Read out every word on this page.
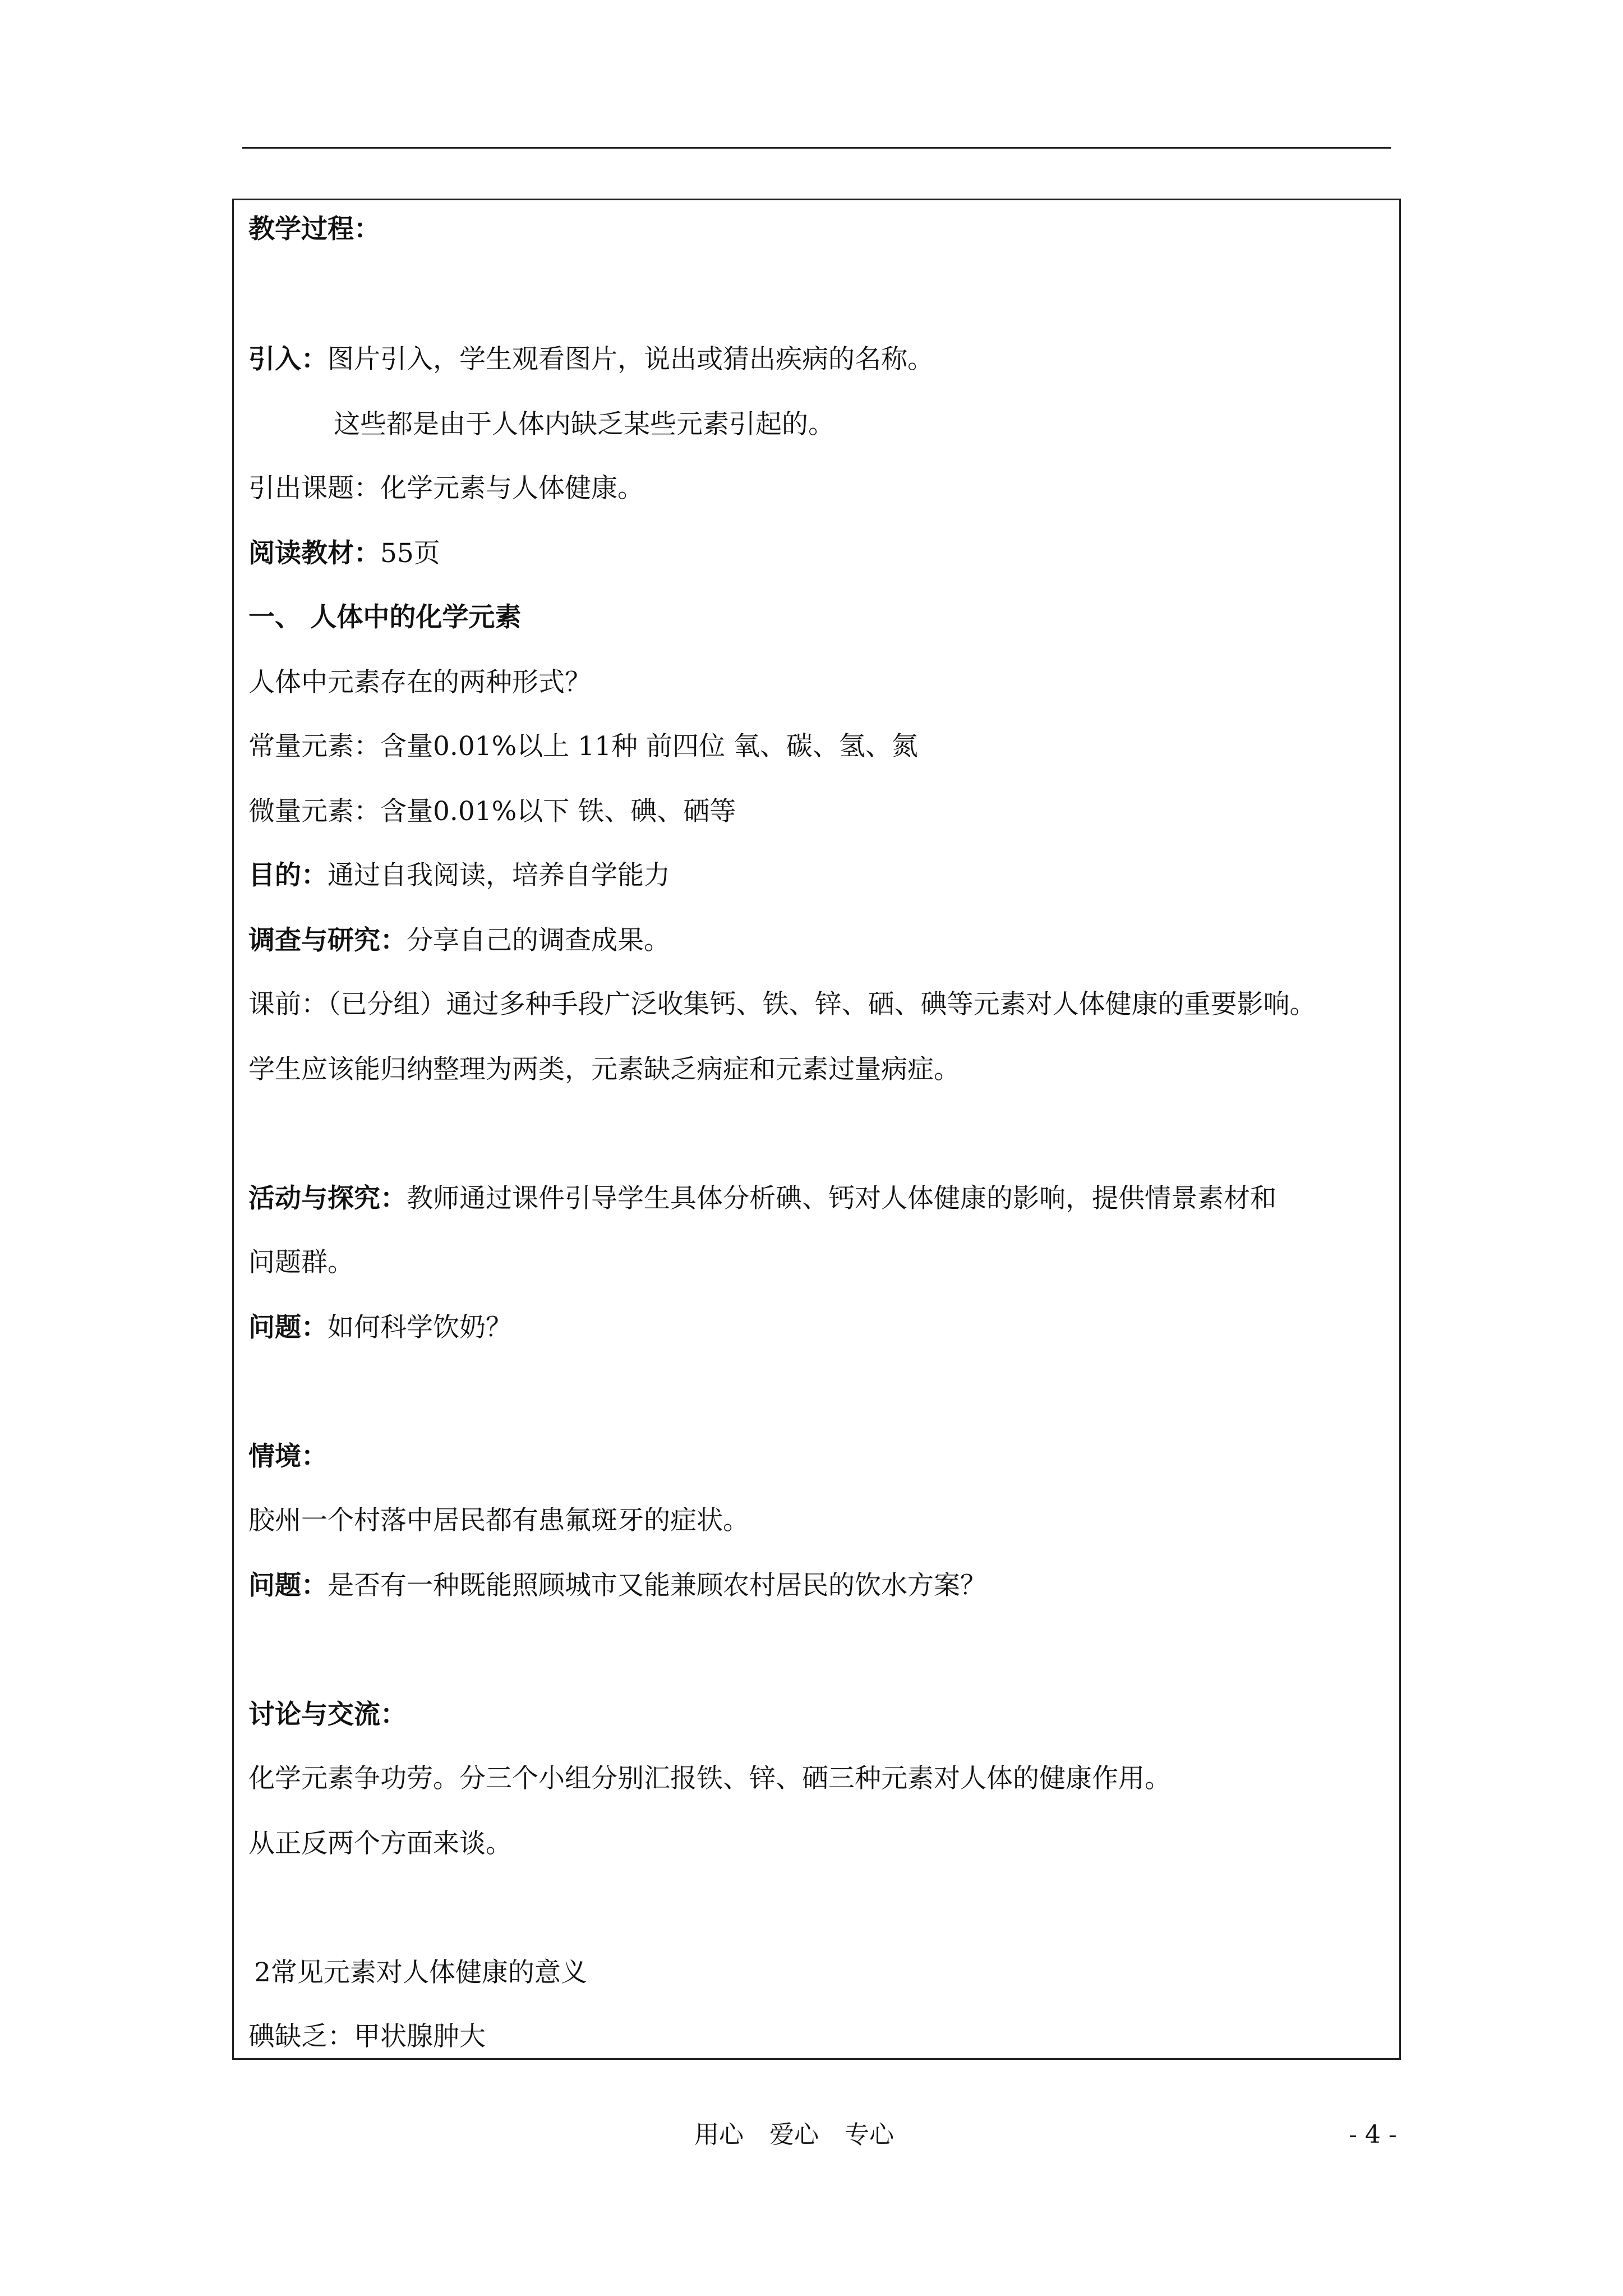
教学过程：
引入：图片引入，学生观看图片，说出或猜出疾病的名称。
这些都是由于人体内缺乏某些元素引起的。
引出课题：化学元素与人体健康。
阅读教材：55页
一、 人体中的化学元素
人体中元素存在的两种形式？
常量元素：含量0.01%以上 11种 前四位 氧、碳、氢、氮
微量元素：含量0.01%以下 铁、碘、硒等
目的：通过自我阅读，培养自学能力
调查与研究：分享自己的调查成果。
课前：（已分组）通过多种手段广泛收集钙、铁、锌、硒、碘等元素对人体健康的重要影响。
学生应该能归纳整理为两类，元素缺乏病症和元素过量病症。
活动与探究：教师通过课件引导学生具体分析碘、钙对人体健康的影响，提供情景素材和
问题群。
问题：如何科学饮奶？
情境：
胶州一个村落中居民都有患氟斑牙的症状。
问题：是否有一种既能照顾城市又能兼顾农村居民的饮水方案？
讨论与交流：
化学元素争功劳。分三个小组分别汇报铁、锌、硒三种元素对人体的健康作用。
从正反两个方面来谈。
2常见元素对人体健康的意义
碘缺乏：甲状腺肿大
用心 爱心 专心	- 4 -
